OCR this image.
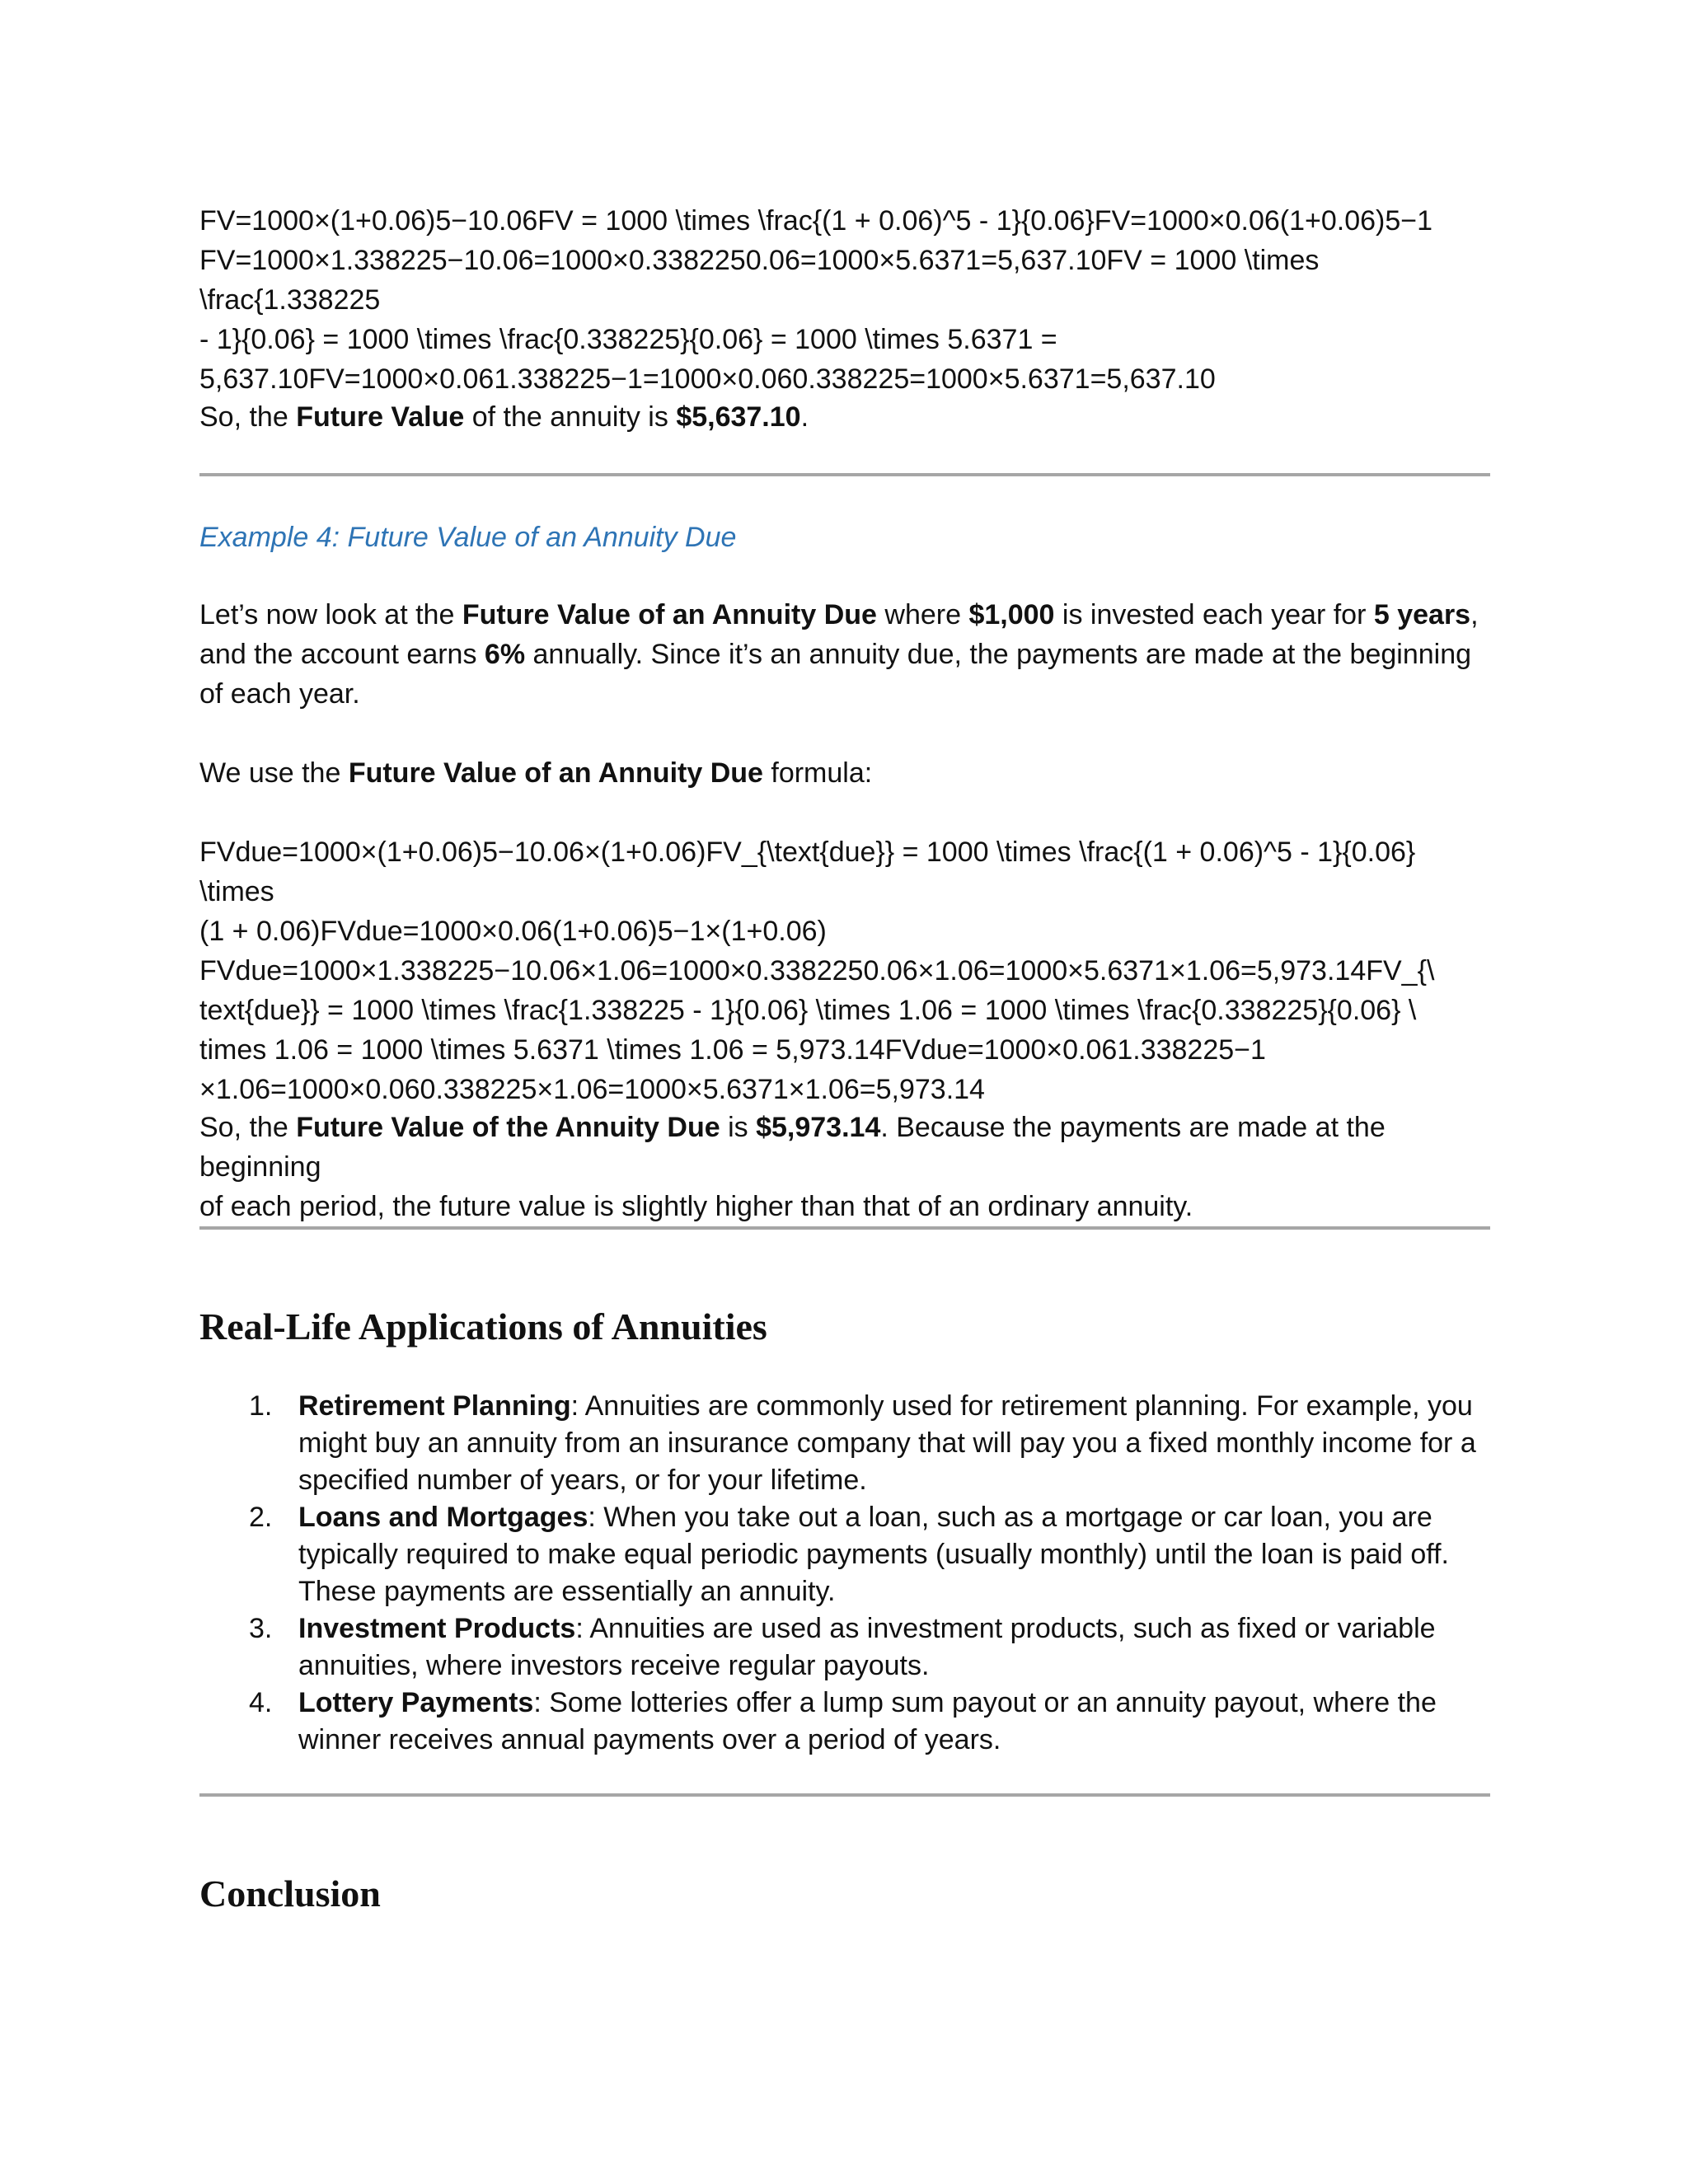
FV=1000×(1+0.06)5−10.06FV = 1000 \times \frac{(1 + 0.06)^5 - 1}{0.06}FV=1000×0.06(1+0.06)5−1

FV=1000×1.338225−10.06=1000×0.3382250.06=1000×5.6371=5,637.10FV = 1000 \times \frac{1.338225

- 1}{0.06} = 1000 \times \frac{0.338225}{0.06} = 1000 \times 5.6371 =

5,637.10FV=1000×0.061.338225−1=1000×0.060.338225=1000×5.6371=5,637.10

So, the Future Value of the annuity is $5,637.10.

Example 4: Future Value of an Annuity Due

Let’s now look at the Future Value of an Annuity Due where $1,000 is invested each year for 5 years,

and the account earns 6% annually. Since it’s an annuity due, the payments are made at the beginning

of each year.

We use the Future Value of an Annuity Due formula:

FVdue=1000×(1+0.06)5−10.06×(1+0.06)FV_{\text{due}} = 1000 \times \frac{(1 + 0.06)^5 - 1}{0.06} \times

(1 + 0.06)FVdue=1000×0.06(1+0.06)5−1×(1+0.06)

FVdue=1000×1.338225−10.06×1.06=1000×0.3382250.06×1.06=1000×5.6371×1.06=5,973.14FV_{\

text{due}} = 1000 \times \frac{1.338225 - 1}{0.06} \times 1.06 = 1000 \times \frac{0.338225}{0.06} \

times 1.06 = 1000 \times 5.6371 \times 1.06 = 5,973.14FVdue=1000×0.061.338225−1

×1.06=1000×0.060.338225×1.06=1000×5.6371×1.06=5,973.14

So, the Future Value of the Annuity Due is $5,973.14. Because the payments are made at the beginning

of each period, the future value is slightly higher than that of an ordinary annuity.

Real-Life Applications of Annuities
1. Retirement Planning: Annuities are commonly used for retirement planning. For example, you
might buy an annuity from an insurance company that will pay you a fixed monthly income for a
specified number of years, or for your lifetime.
2. Loans and Mortgages: When you take out a loan, such as a mortgage or car loan, you are
typically required to make equal periodic payments (usually monthly) until the loan is paid off.
These payments are essentially an annuity.
3. Investment Products: Annuities are used as investment products, such as fixed or variable
annuities, where investors receive regular payouts.
4. Lottery Payments: Some lotteries offer a lump sum payout or an annuity payout, where the
winner receives annual payments over a period of years.
Conclusion
